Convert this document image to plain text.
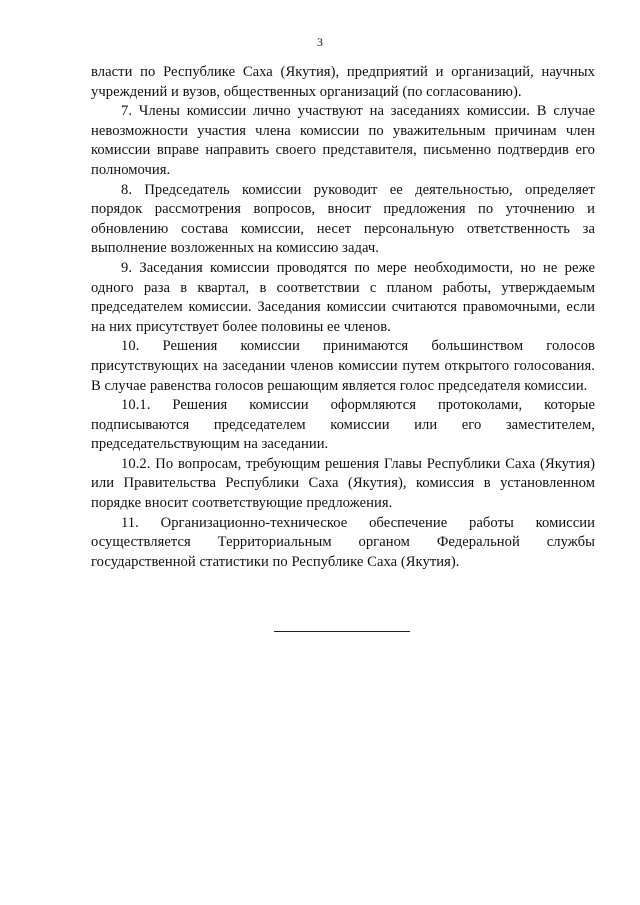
3

власти по Республике Саха (Якутия), предприятий и организаций, научных учреждений и вузов, общественных организаций (по согласованию).

7. Члены комиссии лично участвуют на заседаниях комиссии. В случае невозможности участия члена комиссии по уважительным причинам член комиссии вправе направить своего представителя, письменно подтвердив его полномочия.

8. Председатель комиссии руководит ее деятельностью, определяет порядок рассмотрения вопросов, вносит предложения по уточнению и обновлению состава комиссии, несет персональную ответственность за выполнение возложенных на комиссию задач.

9. Заседания комиссии проводятся по мере необходимости, но не реже одного раза в квартал, в соответствии с планом работы, утверждаемым председателем комиссии. Заседания комиссии считаются правомочными, если на них присутствует более половины ее членов.

10. Решения комиссии принимаются большинством голосов присутствующих на заседании членов комиссии путем открытого голосования. В случае равенства голосов решающим является голос председателя комиссии.

10.1. Решения комиссии оформляются протоколами, которые подписываются председателем комиссии или его заместителем, председательствующим на заседании.

10.2. По вопросам, требующим решения Главы Республики Саха (Якутия) или Правительства Республики Саха (Якутия), комиссия в установленном порядке вносит соответствующие предложения.

11. Организационно-техническое обеспечение работы комиссии осуществляется Территориальным органом Федеральной службы государственной статистики по Республике Саха (Якутия).
